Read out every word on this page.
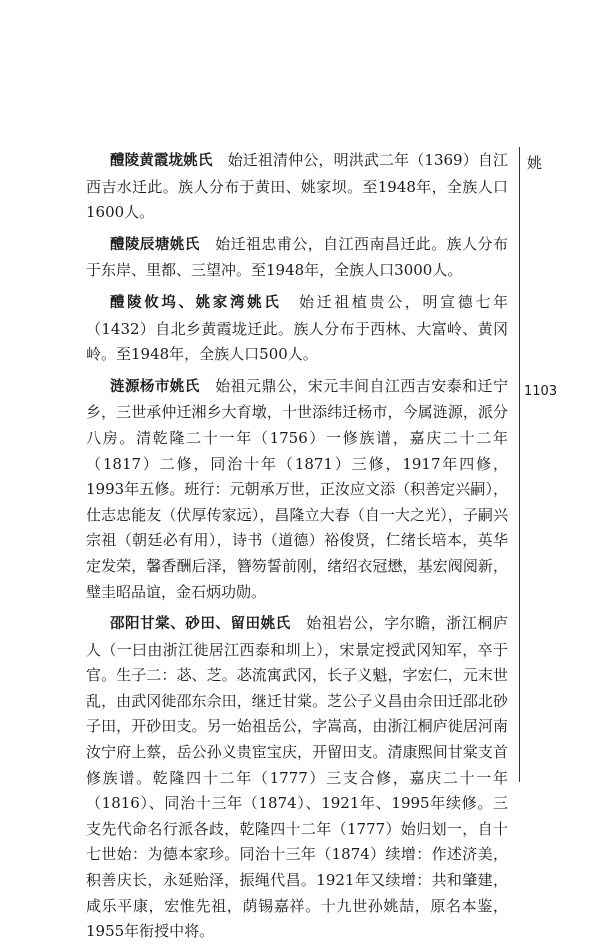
醴陵黄霞垅姚氏　 始迁祖清仲公，明洪武二年（1369）自江西吉水迁此。族人分布于黄田、姚家坝。至1948年，全族人口1600人。

醴陵辰塘姚氏　 始迁祖忠甫公，自江西南昌迁此。族人分布于东岸、里都、三望冲。至1948年，全族人口3000人。

醴陵攸坞、姚家湾姚氏　 始迁祖植贵公，明宣德七年（1432）自北乡黄霞垅迁此。族人分布于西林、大富岭、黄冈岭。至1948年，全族人口500人。

涟源杨市姚氏　 始祖元鼎公，宋元丰间自江西吉安泰和迁宁乡，三世承仲迁湘乡大育墩，十世添纬迁杨市，今属涟源，派分八房。清乾隆二十一年（1756）一修族谱，嘉庆二十二年（1817）二修，同治十年（1871）三修，1917年四修，1993年五修。班行：元朝承万世，正汝应文添（积善定兴嗣），仕志忠能友（伏厚传家远），昌隆立大春（自一大之光），子嗣兴宗祖（朝廷必有用），诗书（道德）裕俊贤，仁绪长培本，英华定发荣，馨香酬后泽，簪笏誓前刚，绪绍衣冠懋，基宏阀阅新，璧圭昭品谊，金石炳功勋。

邵阳甘棠、砂田、留田姚氏　 始祖岩公，字尔瞻，浙江桐庐人（一曰由浙江徙居江西泰和圳上），宋景定授武冈知军，卒于官。生子二：苾、芝。苾流寓武冈，长子义魁，字宏仁，元末世乱，由武冈徙邵东佘田，继迁甘棠。芝公子义昌由佘田迁邵北砂子田，开砂田支。另一始祖岳公，字嵩高，由浙江桐庐徙居河南汝宁府上蔡，岳公孙义贵宦宝庆，开留田支。清康熙间甘棠支首修族谱。乾隆四十二年（1777）三支合修，嘉庆二十一年（1816）、同治十三年（1874）、1921年、1995年续修。三支先代命名行派各歧，乾隆四十二年（1777）始归划一，自十七世始：为德本家珍。同治十三年（1874）续增：作述济美，积善庆长，永延贻泽，振绳代昌。1921年又续增：共和肇建，咸乐平康，宏惟先祖，荫锡嘉祥。十九世孙姚喆，原名本鉴，1955年衔授中将。

姚
1103
